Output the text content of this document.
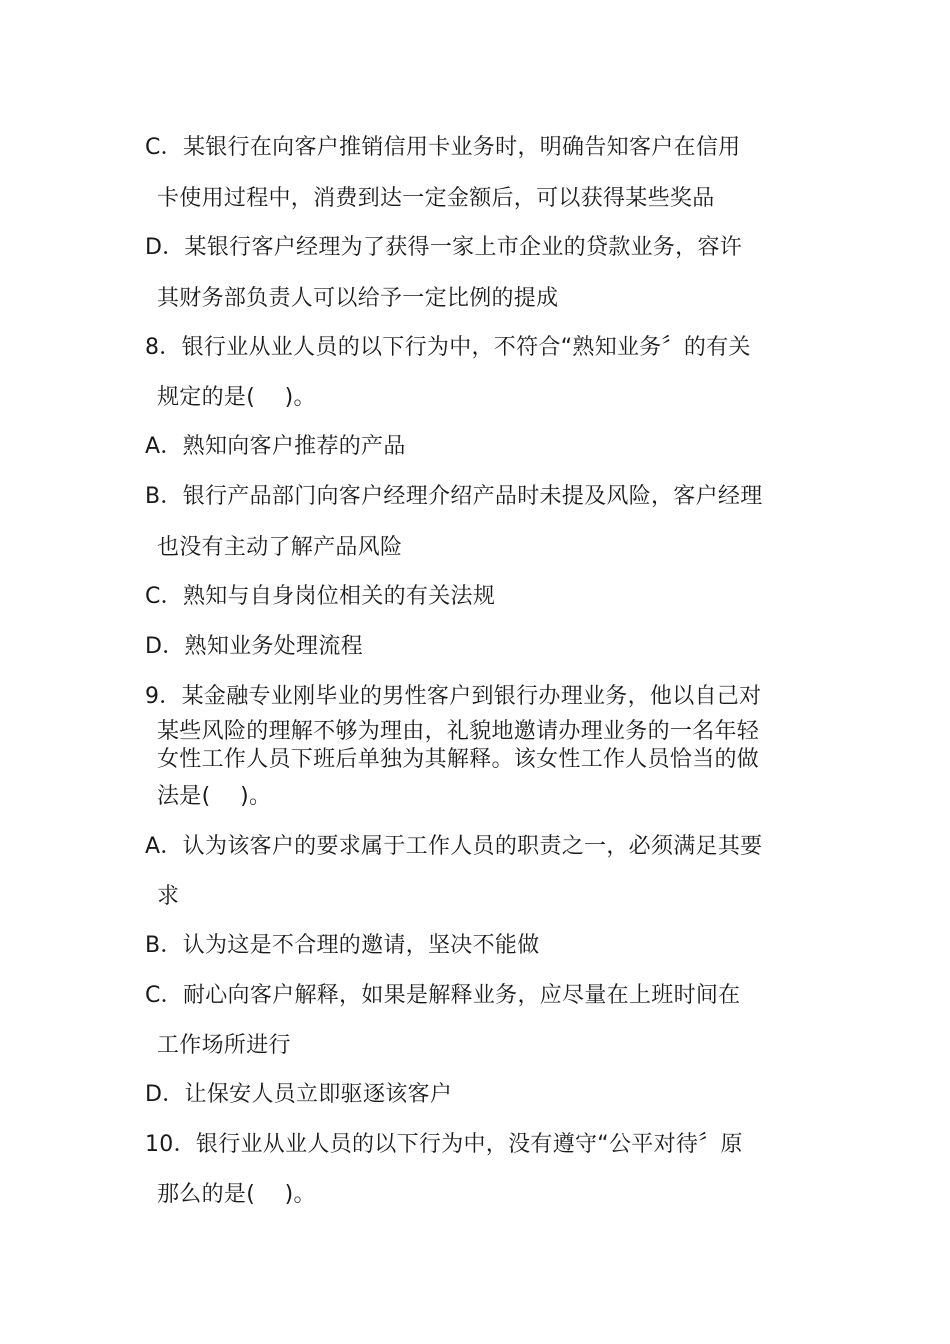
C．某银行在向客户推销信用卡业务时，明确告知客户在信用
卡使用过程中，消费到达一定金额后，可以获得某些奖品
D．某银行客户经理为了获得一家上市企业的贷款业务，容许
其财务部负责人可以给予一定比例的提成
8．银行业从业人员的以下行为中，不符合“熟知业务〞的有关
规定的是(　 )。
A．熟知向客户推荐的产品
B．银行产品部门向客户经理介绍产品时未提及风险，客户经理
也没有主动了解产品风险
C．熟知与自身岗位相关的有关法规
D．熟知业务处理流程
9．某金融专业刚毕业的男性客户到银行办理业务，他以自己对
某些风险的理解不够为理由，礼貌地邀请办理业务的一名年轻
女性工作人员下班后单独为其解释。该女性工作人员恰当的做
法是(　 )。
A．认为该客户的要求属于工作人员的职责之一，必须满足其要
求
B．认为这是不合理的邀请，坚决不能做
C．耐心向客户解释，如果是解释业务，应尽量在上班时间在
工作场所进行
D．让保安人员立即驱逐该客户
10．银行业从业人员的以下行为中，没有遵守“公平对待〞原
那么的是(　 )。
